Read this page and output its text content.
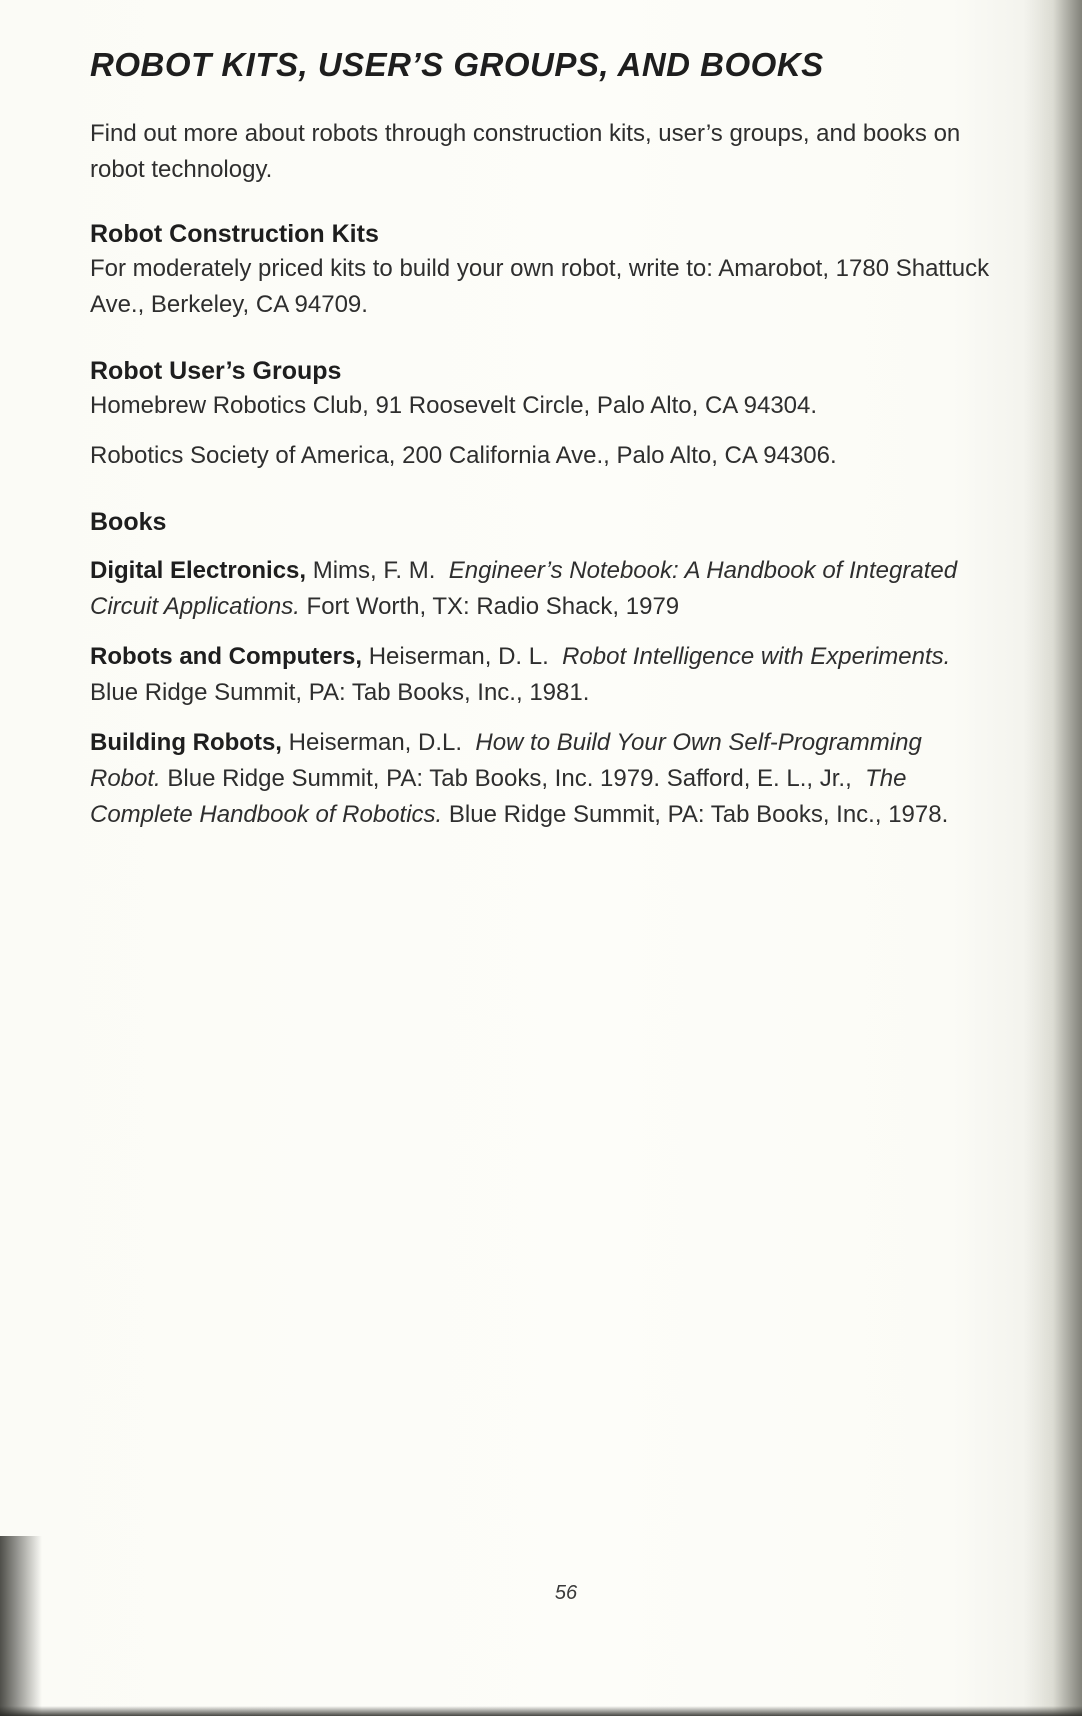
ROBOT KITS, USER’S GROUPS, AND BOOKS

Find out more about robots through construction kits, user’s groups, and books on robot technology.

Robot Construction Kits

For moderately priced kits to build your own robot, write to: Amarobot, 1780 Shattuck Ave., Berkeley, CA 94709.

Robot User’s Groups

Homebrew Robotics Club, 91 Roosevelt Circle, Palo Alto, CA 94304.

Robotics Society of America, 200 California Ave., Palo Alto, CA 94306.

Books

Digital Electronics, Mims, F. M. Engineer’s Notebook: A Handbook of Integrated Circuit Applications. Fort Worth, TX: Radio Shack, 1979

Robots and Computers, Heiserman, D. L. Robot Intelligence with Experiments. Blue Ridge Summit, PA: Tab Books, Inc., 1981.

Building Robots, Heiserman, D.L. How to Build Your Own Self-Programming Robot. Blue Ridge Summit, PA: Tab Books, Inc. 1979. Safford, E. L., Jr., The Complete Handbook of Robotics. Blue Ridge Summit, PA: Tab Books, Inc., 1978.

56
